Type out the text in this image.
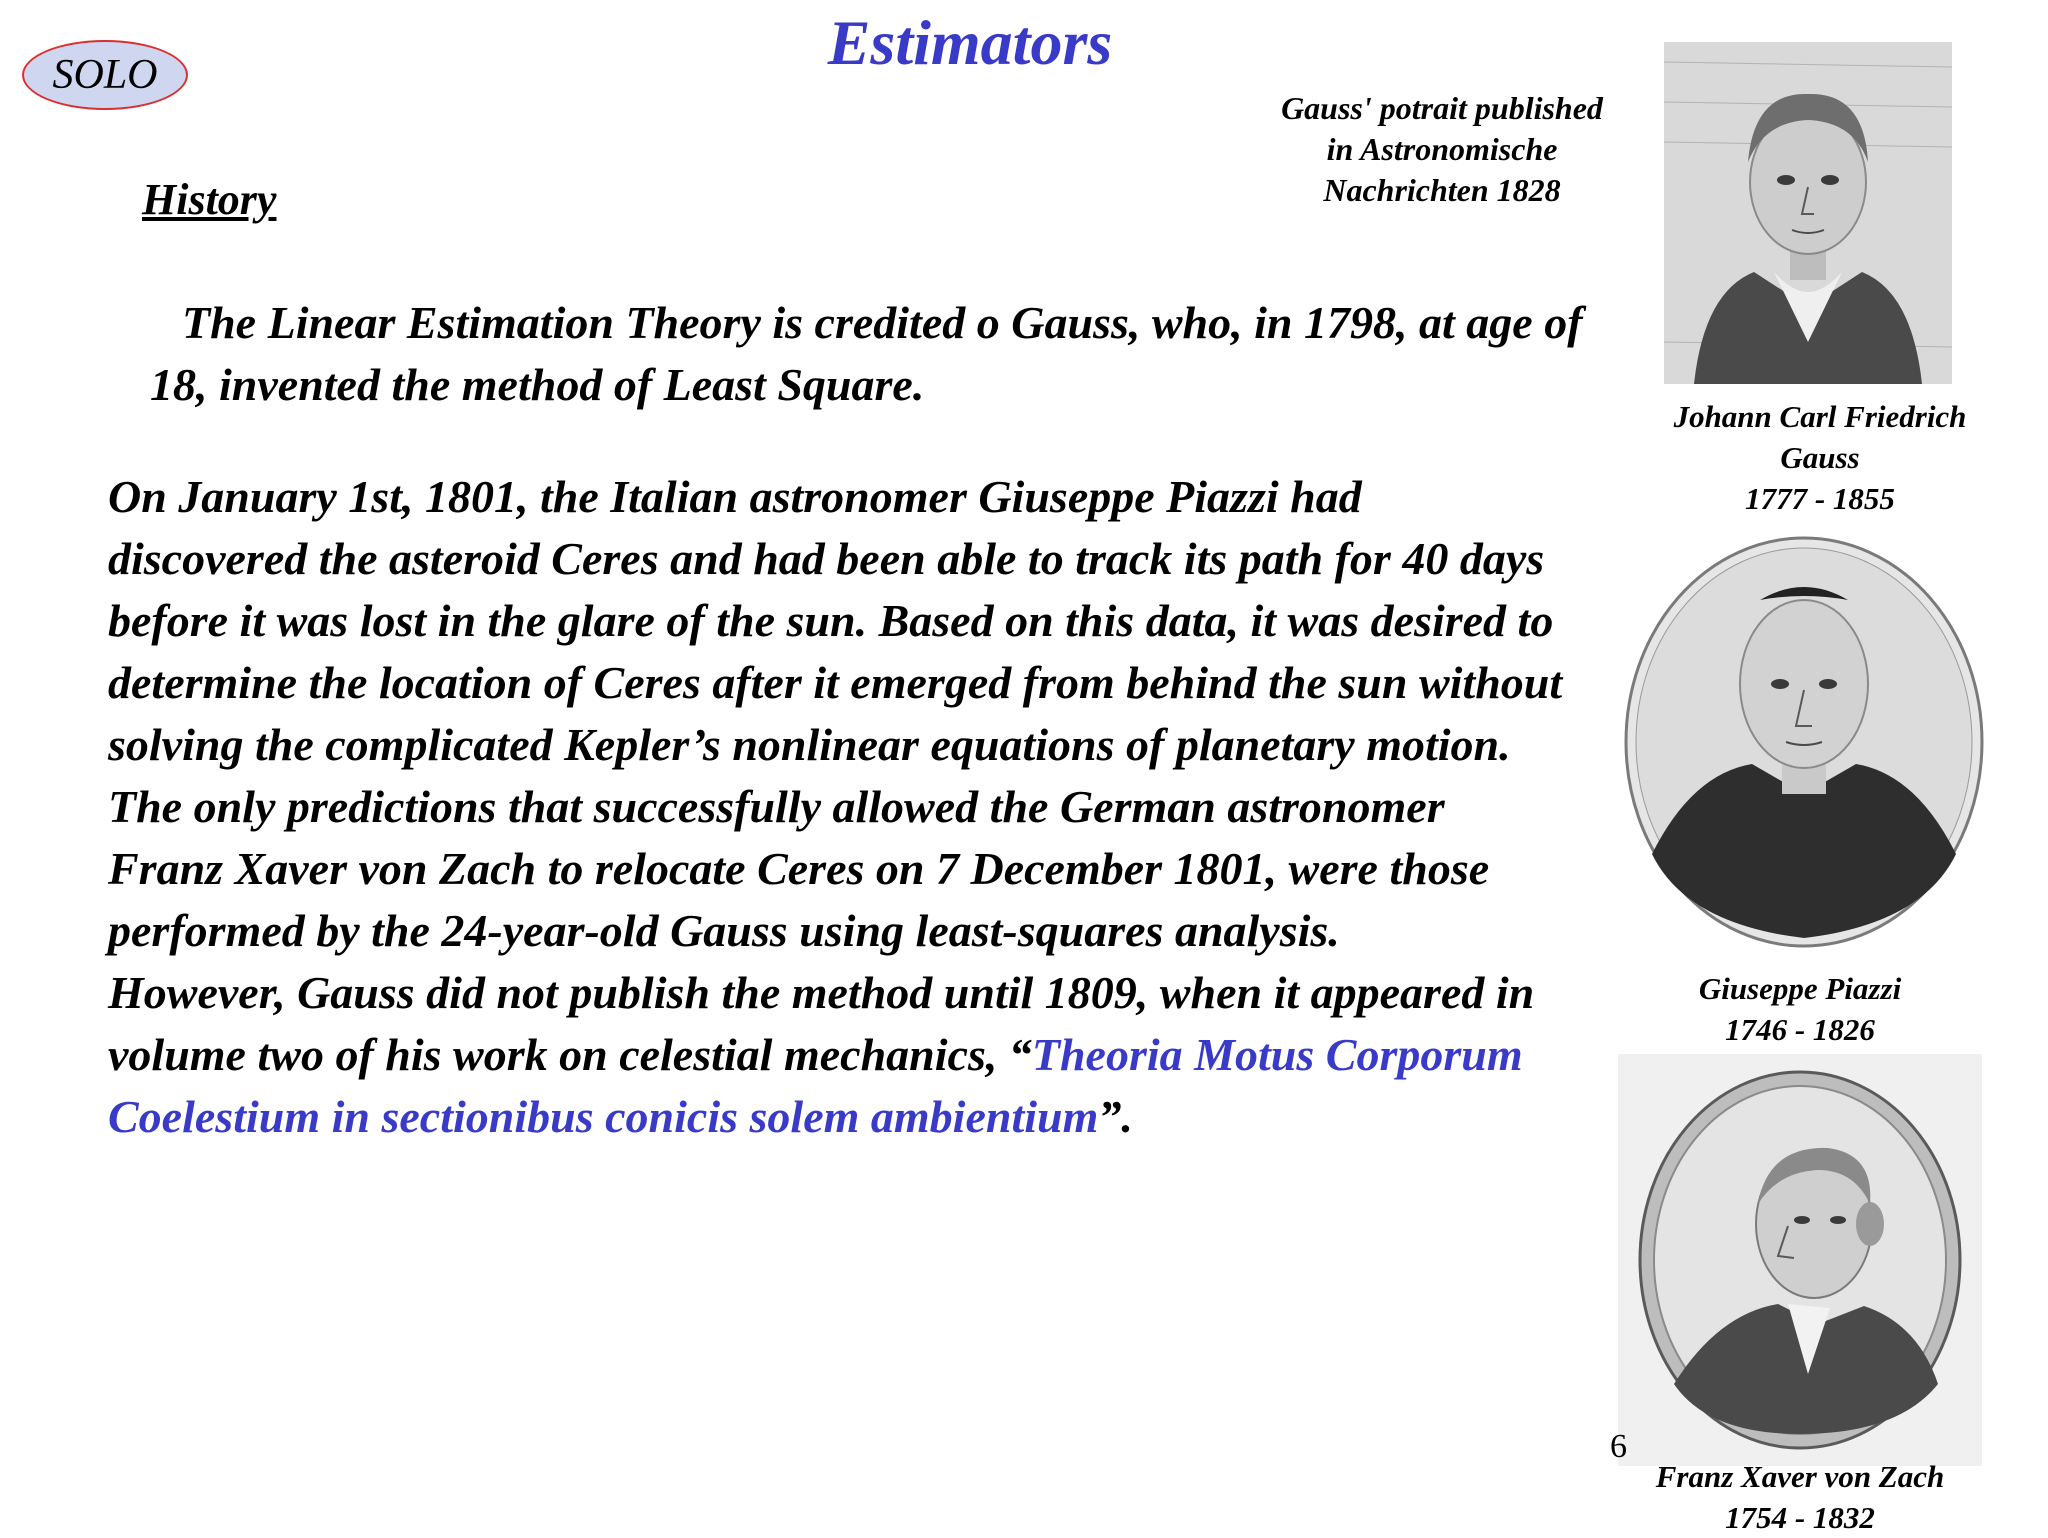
SOLO	Estimators
Gauss' potrait published
in Astronomische
Nachrichten 1828
History
The Linear Estimation Theory is credited o Gauss, who, in 1798, at age of 18, invented the method of Least Square.
On January 1st, 1801, the Italian astronomer Giuseppe Piazzi had discovered the asteroid Ceres and had been able to track its path for 40 days before it was lost in the glare of the sun. Based on this data, it was desired to determine the location of Ceres after it emerged from behind the sun without solving the complicated Kepler’s nonlinear equations of planetary motion. The only predictions that successfully allowed the German astronomer Franz Xaver von Zach to relocate Ceres on 7 December 1801, were those performed by the 24-year-old Gauss using least-squares analysis.
However, Gauss did not publish the method until 1809, when it appeared in volume two of his work on celestial mechanics, “Theoria Motus Corporum Coelestium in sectionibus conicis solem ambientium”.
Johann Carl Friedrich
Gauss
1777 - 1855
Giuseppe Piazzi
1746 - 1826
6
Franz Xaver von Zach
1754 - 1832
